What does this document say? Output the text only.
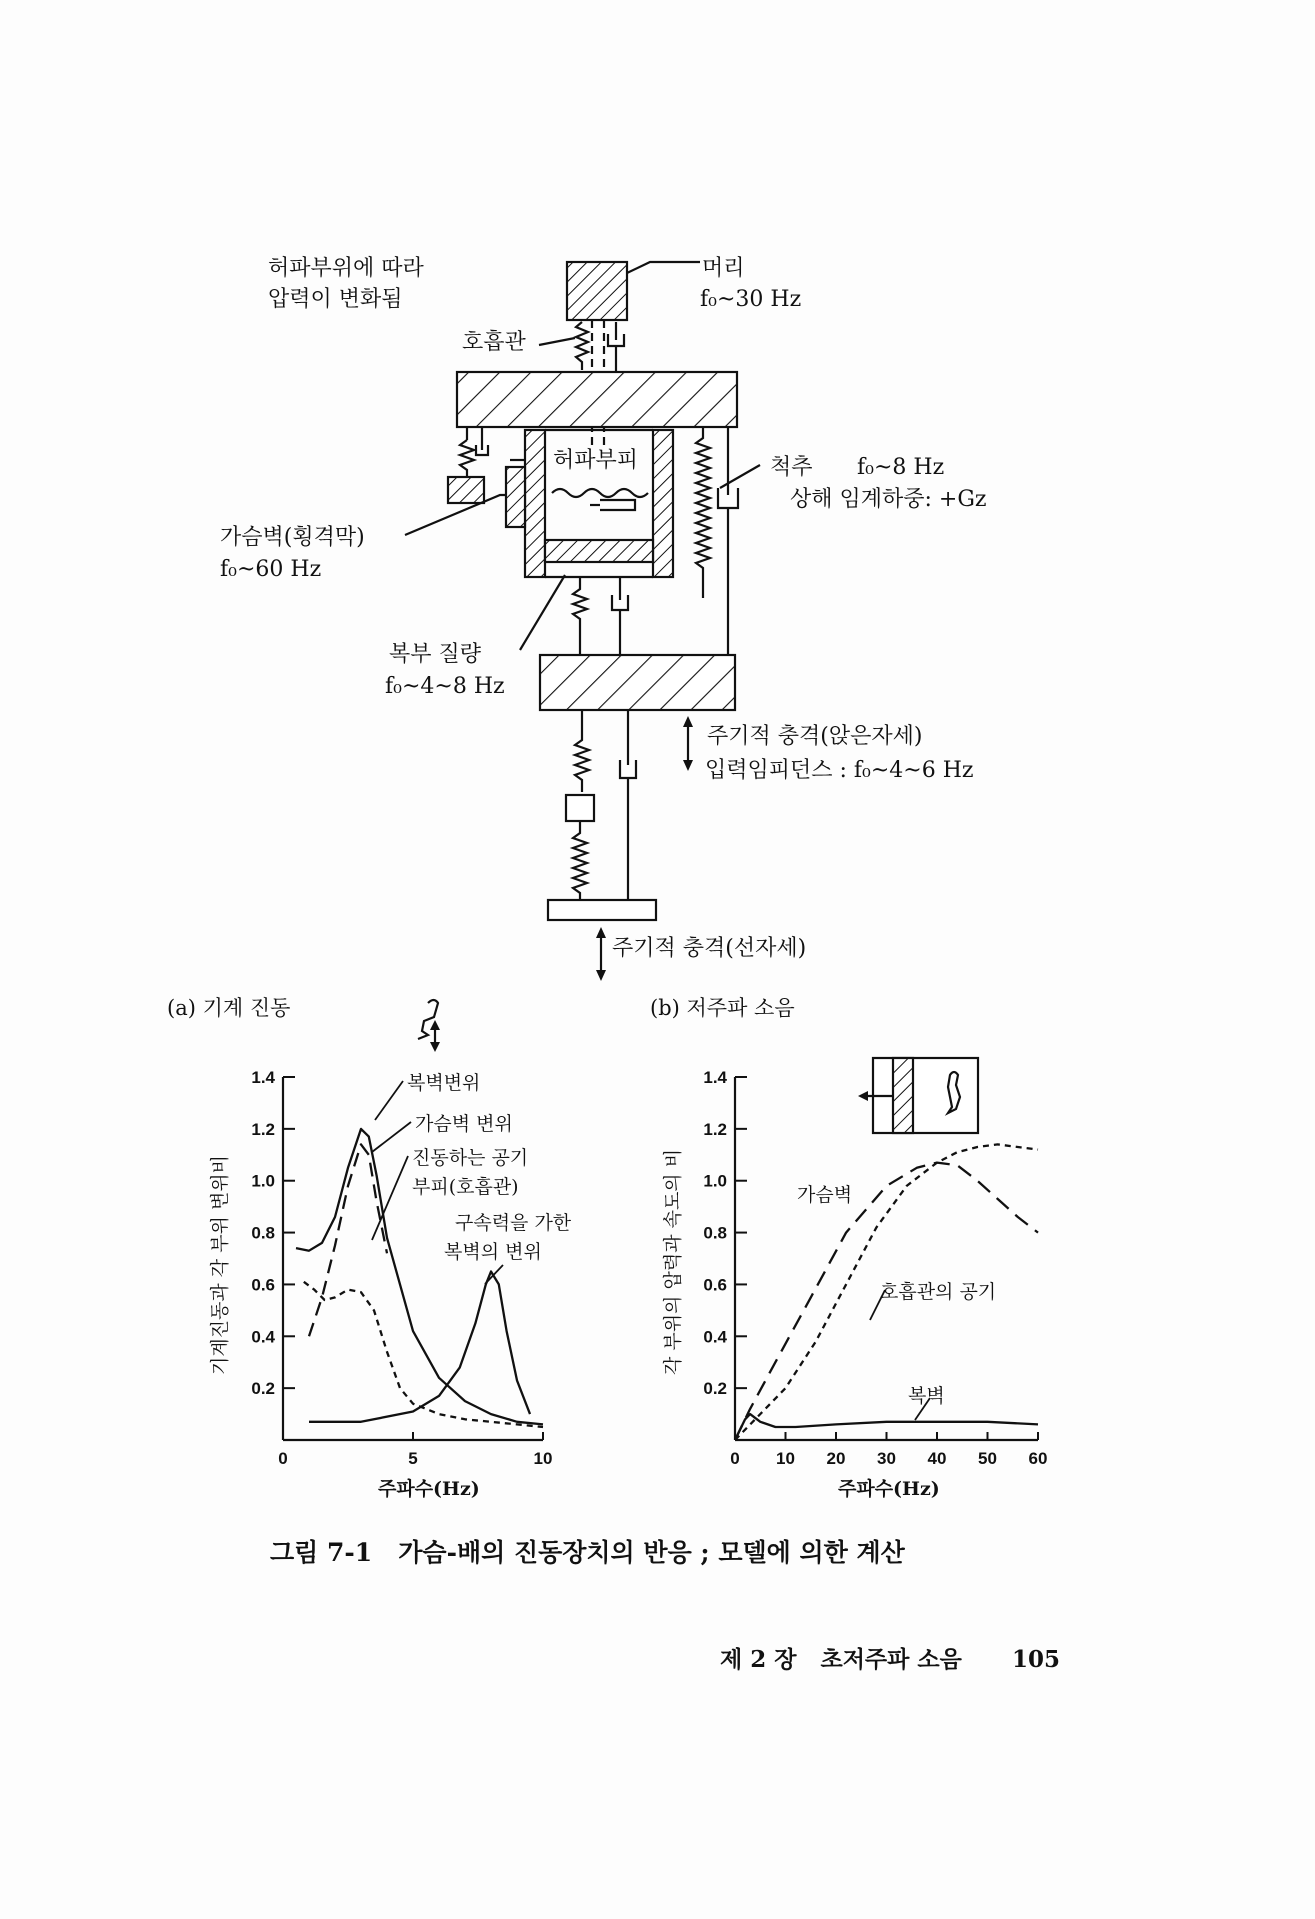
허파부위에 따라
압력이 변화됨
머리
f₀~30 Hz
호흡관
허파부피	척추 f₀~8 Hz
상해 임계하중: +Gz
가슴벽(횡격막)
f₀~60 Hz
복부 질량
f₀~4~8 Hz
주기적 충격(앉은자세)
입력임피던스 : f₀~4~6 Hz
주기적 충격(선자세)
(a) 기계 진동	(b) 저주파 소음
0.2
0.4
0.6
0.8
1.0
1.2
1.4
0	5	10
0.2
0.4
0.6
0.8
1.0
1.2
1.4
0 10 20 30 40 50 60
주파수(Hz)	주파수(Hz)
기계진동과 각 부위 변위비	각 부위의 압력과 속도의 비
복벽변위
가슴벽 변위
진동하는 공기
부피(호흡관)
구속력을 가한
복벽의 변위
가슴벽
호흡관의 공기
복벽
그림 7-1   가슴-배의 진동장치의 반응 ; 모델에 의한 계산
제 2 장   초저주파 소음 105
